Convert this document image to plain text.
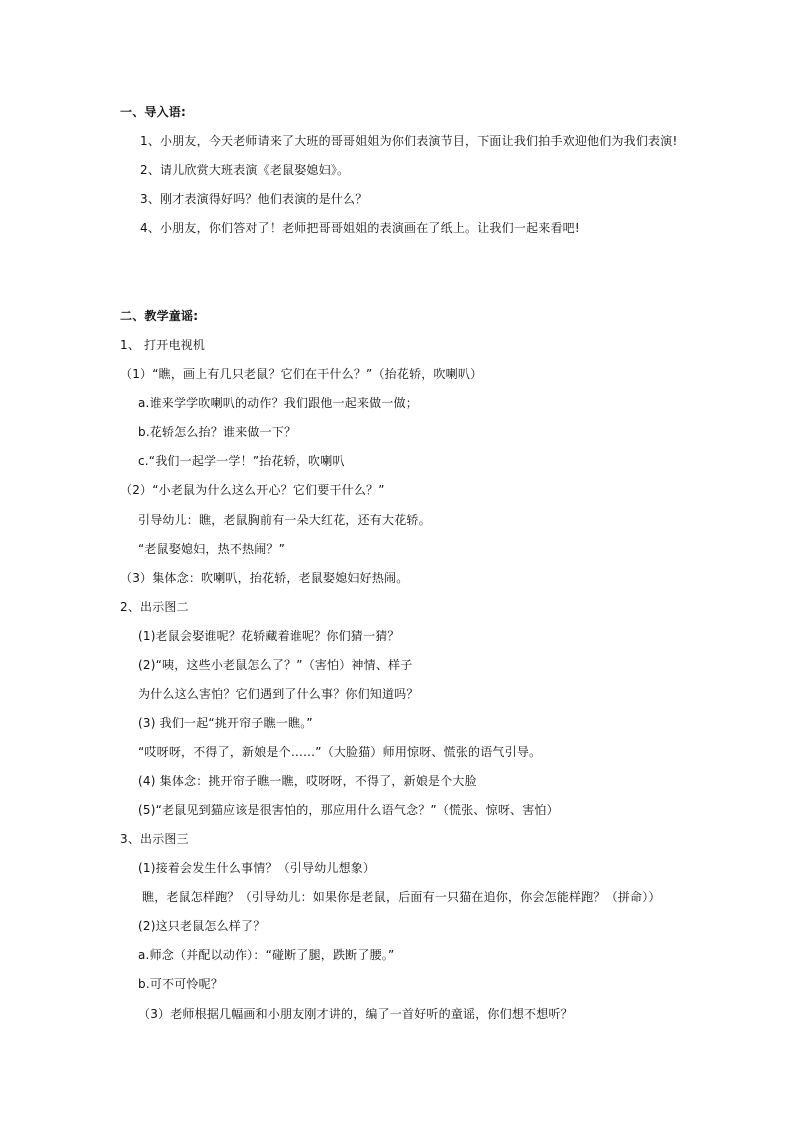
一、导入语:
1、小朋友，今天老师请来了大班的哥哥姐姐为你们表演节目，下面让我们拍手欢迎他们为我们表演!
2、请儿欣赏大班表演《老鼠娶媳妇》。
3、刚才表演得好吗？他们表演的是什么？
4、小朋友，你们答对了！老师把哥哥姐姐的表演画在了纸上。让我们一起来看吧!
二、教学童谣:
1、 打开电视机
（1）“瞧，画上有几只老鼠？它们在干什么？”（抬花轿，吹喇叭）
a.谁来学学吹喇叭的动作？我们跟他一起来做一做；
b.花轿怎么抬？谁来做一下？
c.“我们一起学一学！”抬花轿，吹喇叭
（2）“小老鼠为什么这么开心？它们要干什么？”
引导幼儿：瞧，老鼠胸前有一朵大红花，还有大花轿。
“老鼠娶媳妇，热不热闹？”
（3）集体念：吹喇叭，抬花轿，老鼠娶媳妇好热闹。
2、出示图二
(1)老鼠会娶谁呢？花轿藏着谁呢？你们猜一猜？
(2)“咦，这些小老鼠怎么了？”（害怕）神情、样子
为什么这么害怕？它们遇到了什么事？你们知道吗？
(3) 我们一起“挑开帘子瞧一瞧。”
“哎呀呀，不得了，新娘是个……”（大脸猫）师用惊呀、慌张的语气引导。
(4) 集体念：挑开帘子瞧一瞧，哎呀呀，不得了，新娘是个大脸
(5)“老鼠见到猫应该是很害怕的，那应用什么语气念？”（慌张、惊呀、害怕）
3、出示图三
(1)接着会发生什么事情？（引导幼儿想象）
瞧，老鼠怎样跑？（引导幼儿：如果你是老鼠，后面有一只猫在追你，你会怎能样跑？（拼命））
(2)这只老鼠怎么样了？
a.师念（并配以动作）：“碰断了腿，跌断了腰。”
b.可不可怜呢？
（3）老师根据几幅画和小朋友刚才讲的，编了一首好听的童谣，你们想不想听？
